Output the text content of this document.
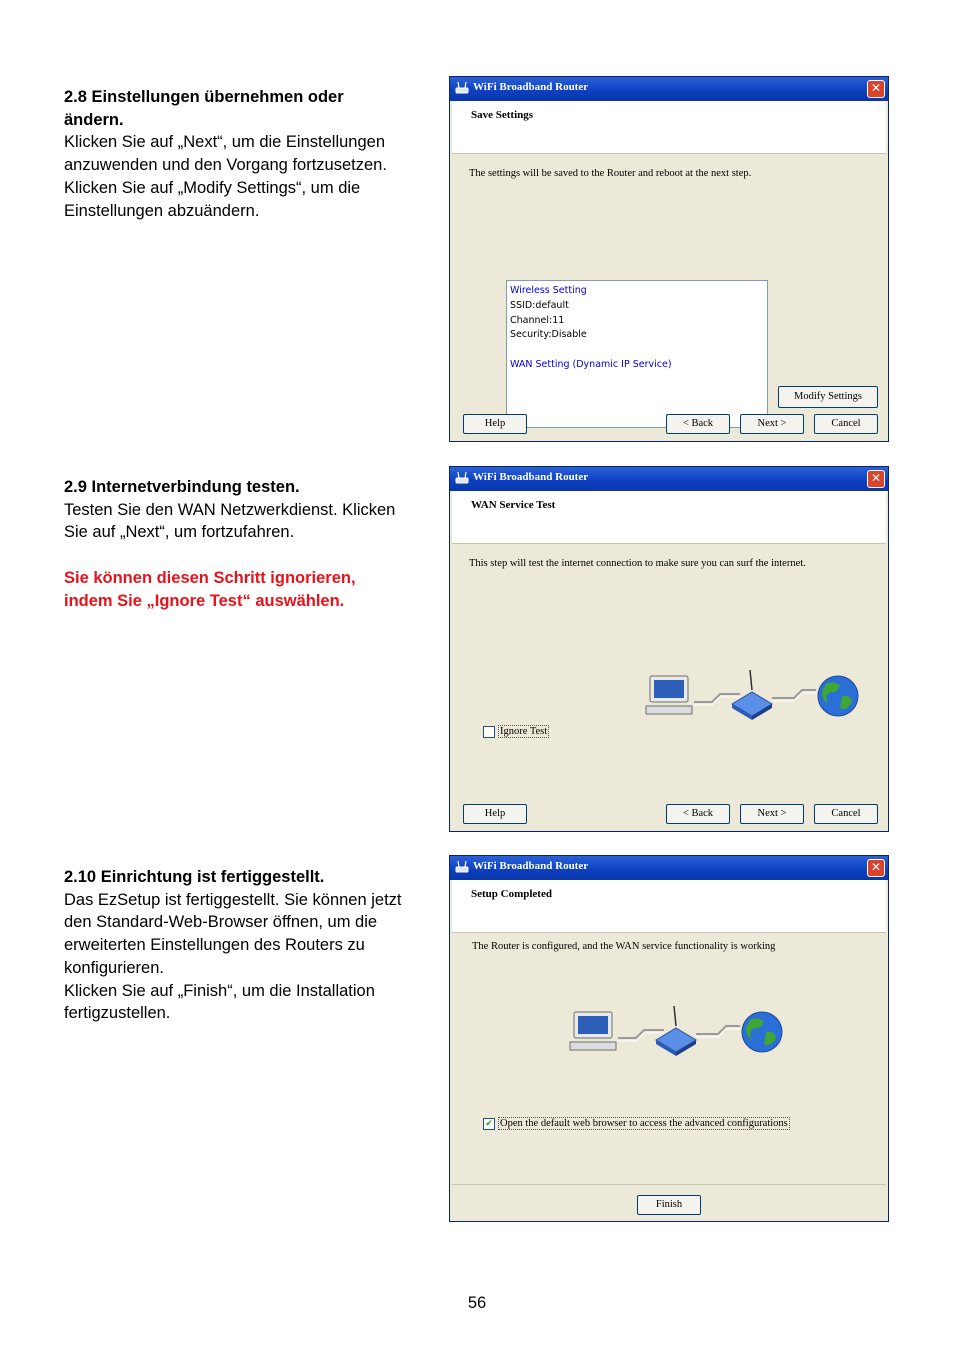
2.8 Einstellungen übernehmen oder ändern.

Klicken Sie auf „Next“, um die Einstellungen

anzuwenden und den Vorgang fortzusetzen.

Klicken Sie auf „Modify Settings“, um die

Einstellungen abzuändern.

2.9 Internetverbindung testen.

Testen Sie den WAN Netzwerkdienst. Klicken

Sie auf „Next“, um fortzufahren.

Sie können diesen Schritt ignorieren,

indem Sie „Ignore Test“ auswählen.

2.10 Einrichtung ist fertiggestellt.

Das EzSetup ist fertiggestellt. Sie können jetzt

den Standard-Web-Browser öffnen, um die

erweiterten Einstellungen des Routers zu

konfigurieren.

Klicken Sie auf „Finish“, um die Installation

fertigzustellen.

WiFi Broadband Router	✕
Save Settings
The settings will be saved to the Router and reboot at the next step.
Wireless Setting
SSID:default
Channel:11
Security:Disable
WAN Setting (Dynamic IP Service)
Modify Settings
Help	< Back	Next >	Cancel
WiFi Broadband Router	✕
WAN Service Test
This step will test the internet connection to make sure you can surf the internet.
Ignore Test
Help	< Back	Next >	Cancel
WiFi Broadband Router	✕
Setup Completed
The Router is configured, and the WAN service functionality is working
✔ Open the default web browser to access the advanced configurations
Finish
56
